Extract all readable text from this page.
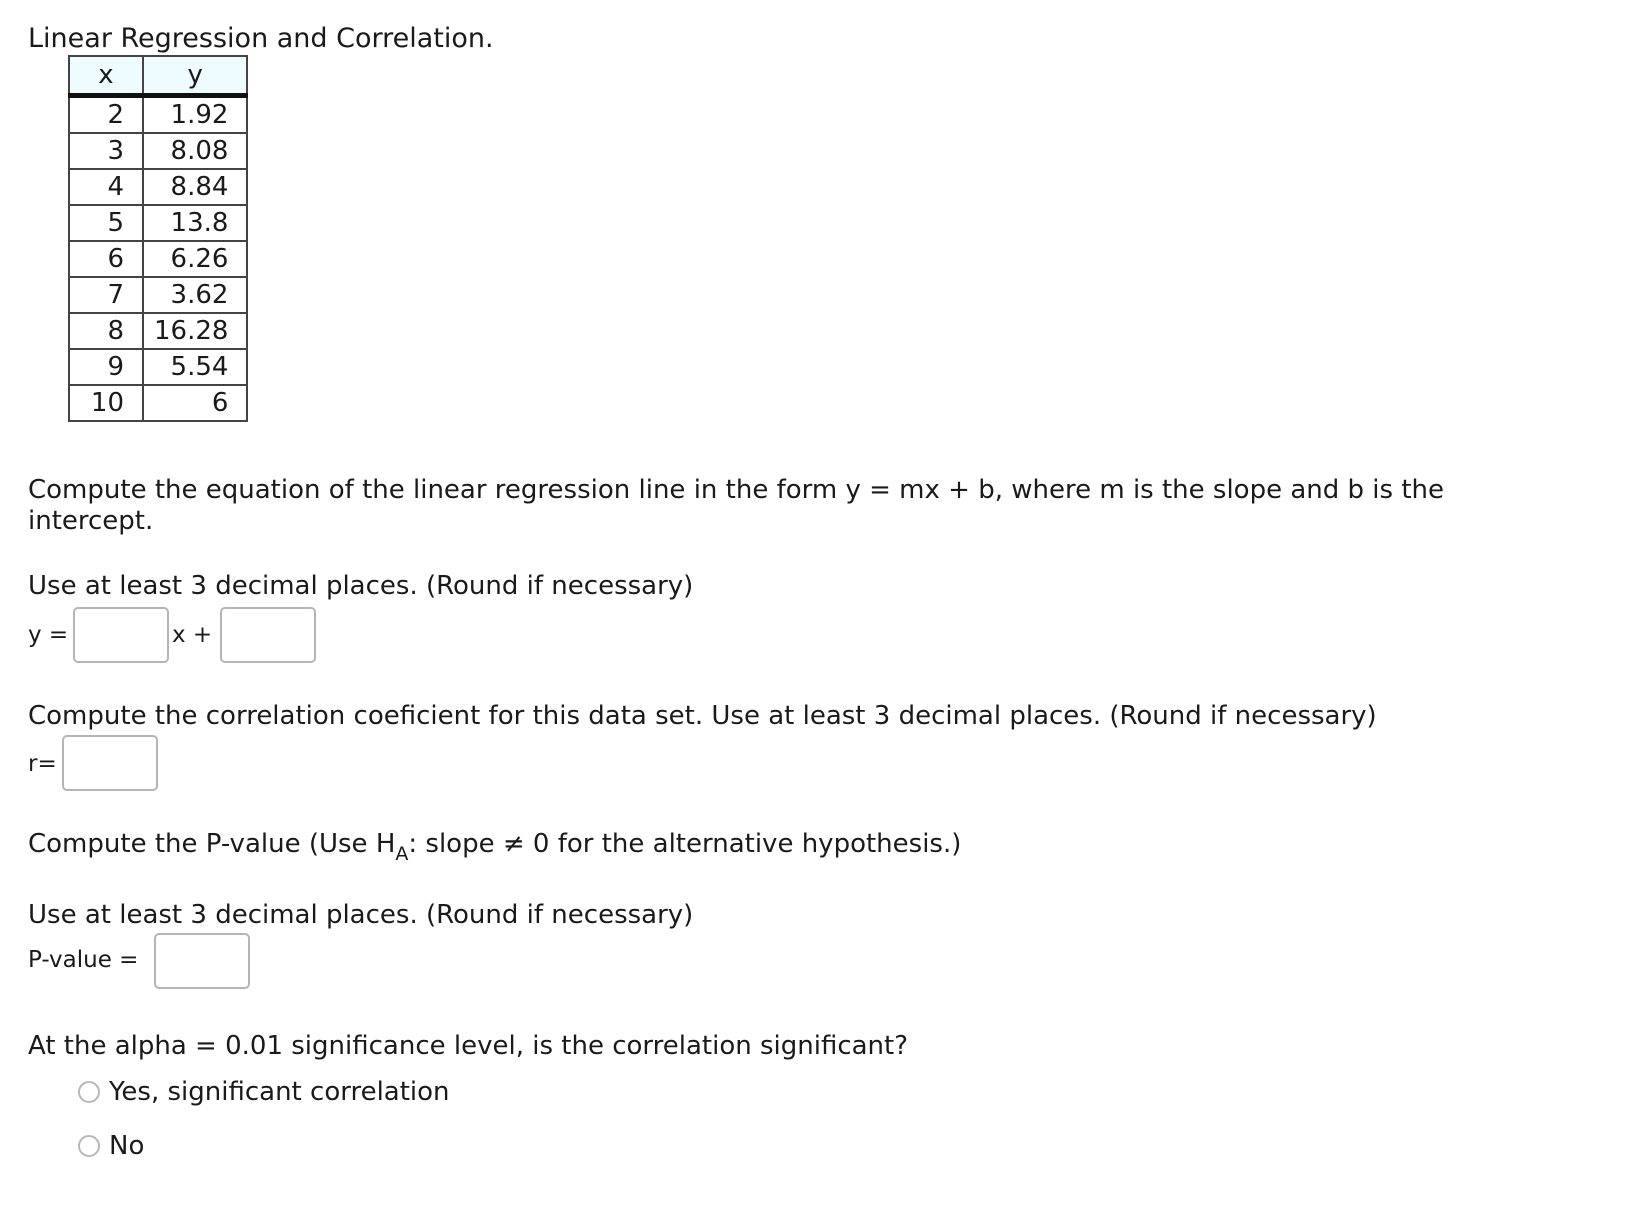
Linear Regression and Correlation.
x	y
2	1.92
3	8.08
4	8.84
5	13.8
6	6.26
7	3.62
8	16.28
9	5.54
10	6
Compute the equation of the linear regression line in the form y = mx + b, where m is the slope and b is the
intercept.
Use at least 3 decimal places. (Round if necessary)
y =	x +
Compute the correlation coeficient for this data set. Use at least 3 decimal places. (Round if necessary)
r=
Compute the P-value (Use $H_A$: slope ≠ 0 for the alternative hypothesis.)
Use at least 3 decimal places. (Round if necessary)
P-value =
At the alpha = 0.01 significance level, is the correlation significant?
Yes, significant correlation
No
